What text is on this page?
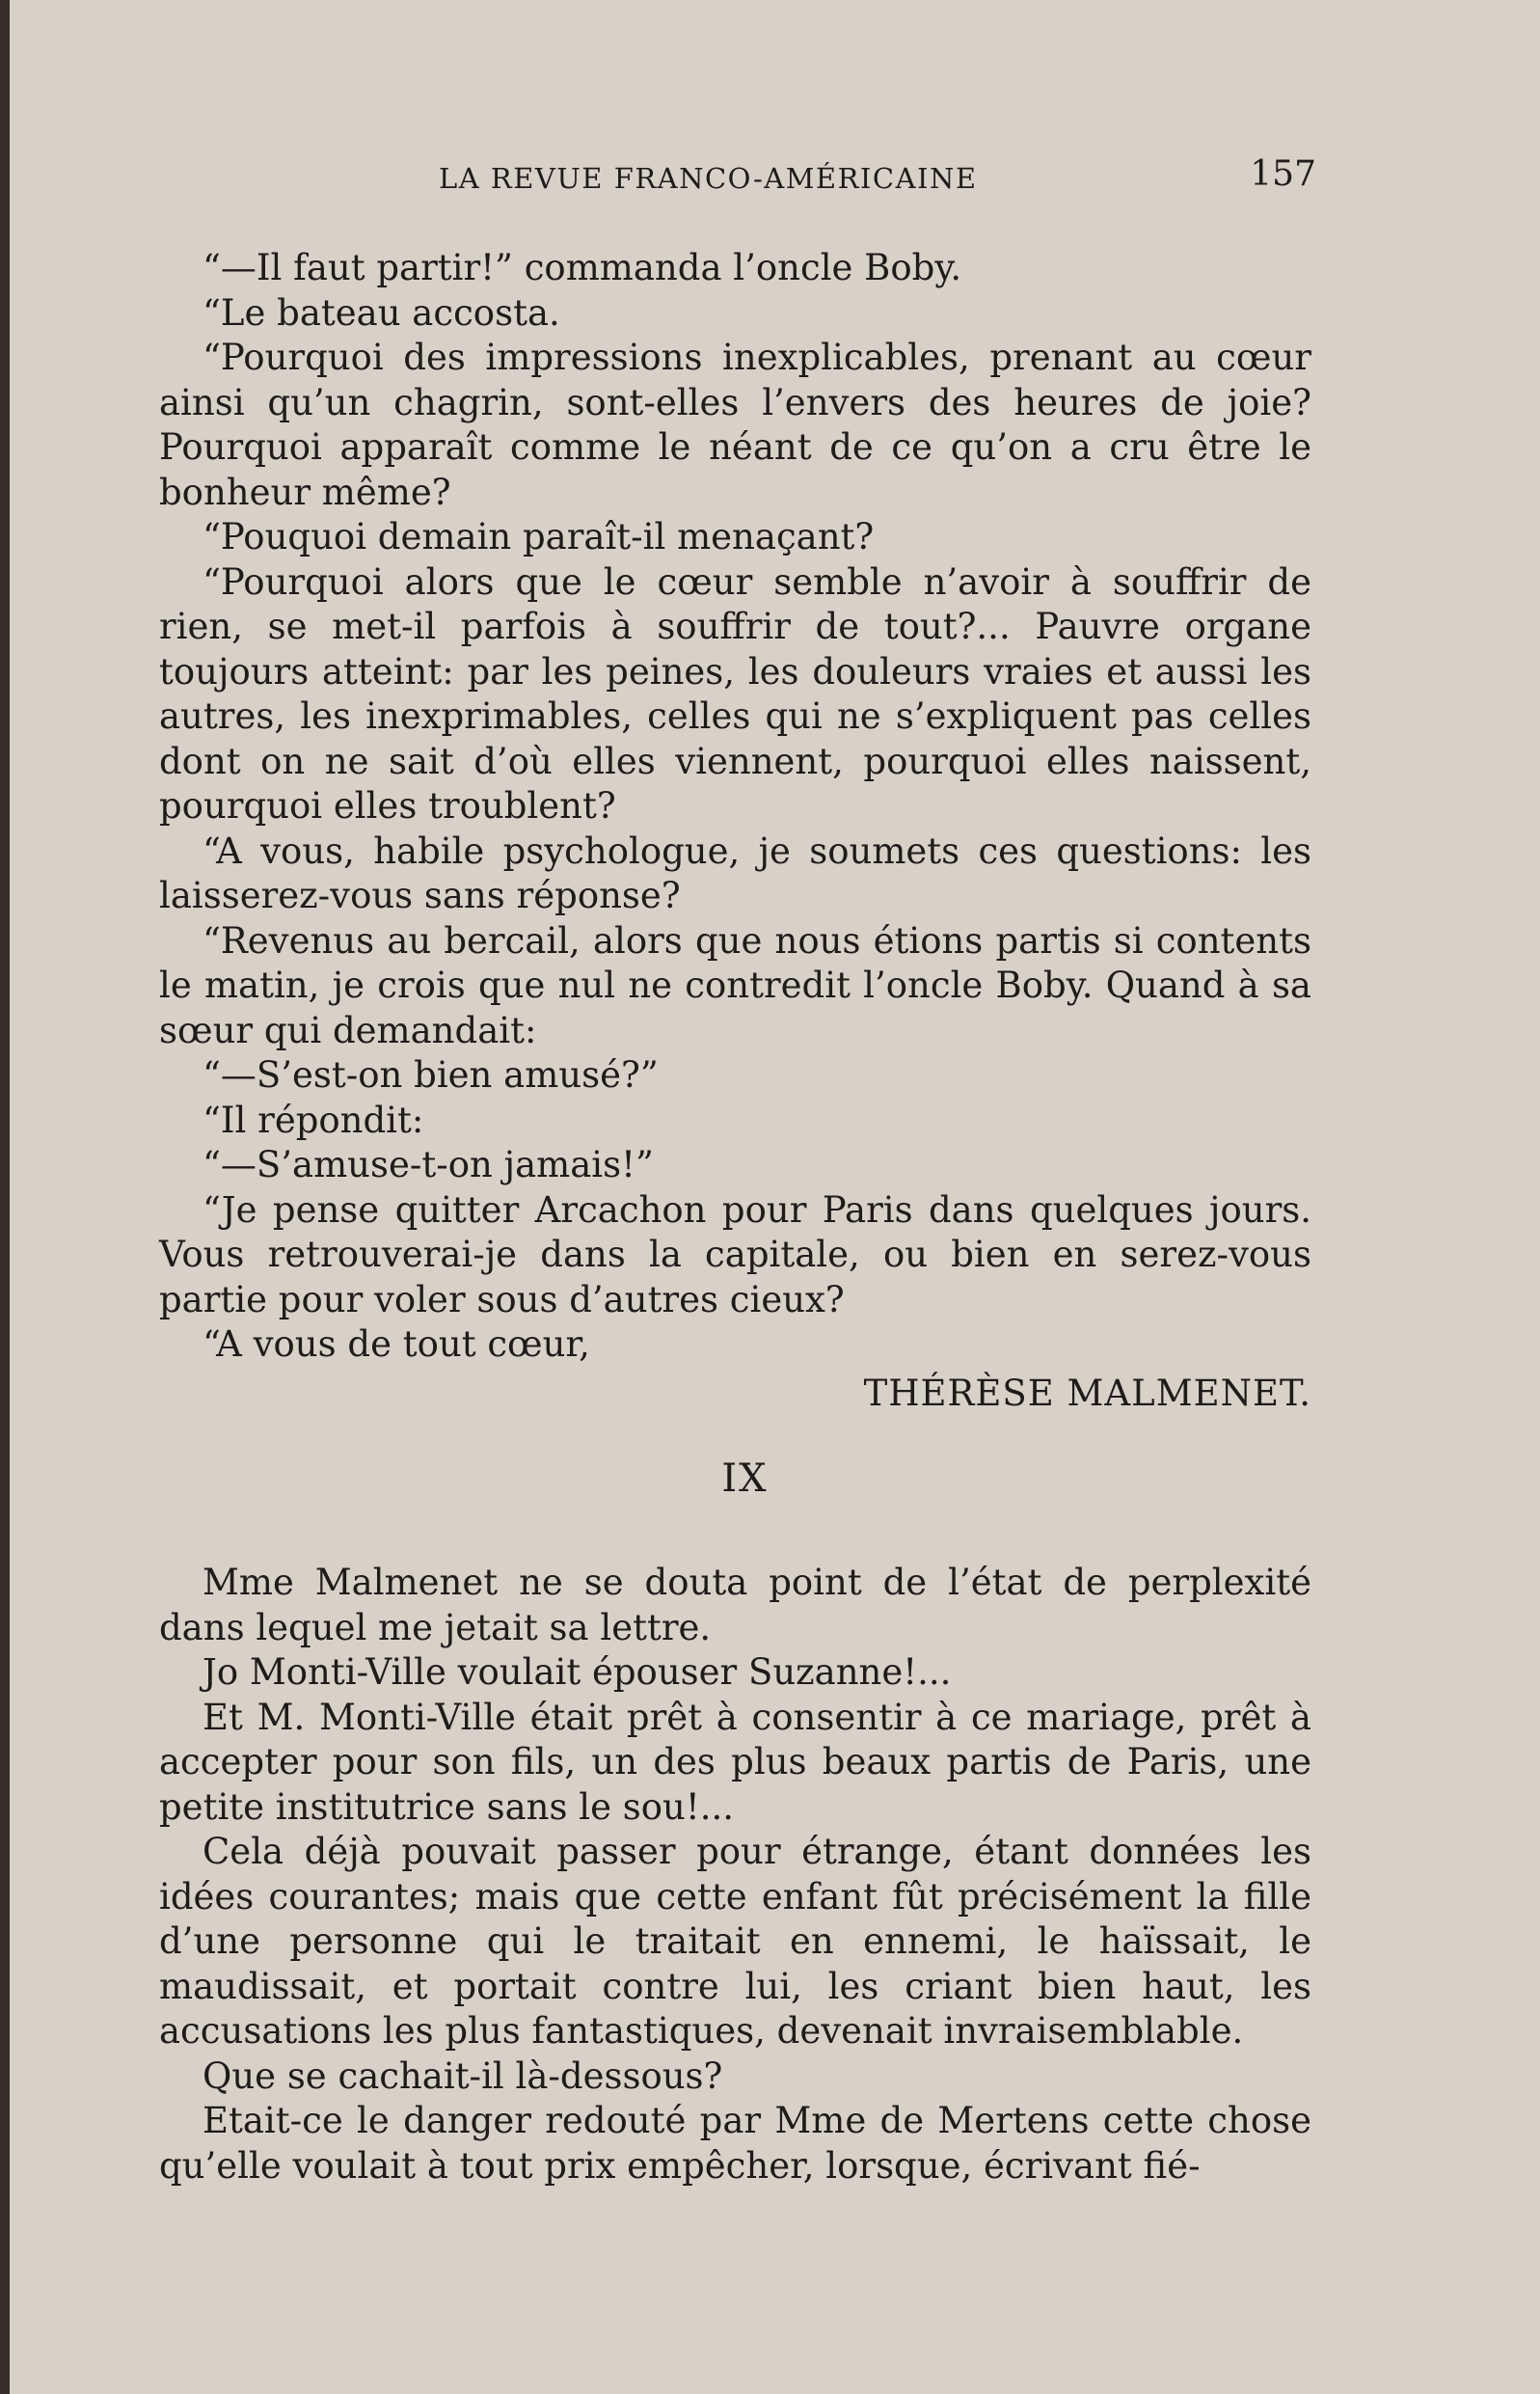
LA REVUE FRANCO-AMÉRICAINE	157

“—Il faut partir!” commanda l’oncle Boby.

“Le bateau accosta.

“Pourquoi des impressions inexplicables, prenant au cœur ainsi qu’un chagrin, sont-elles l’envers des heures de joie? Pourquoi apparaît comme le néant de ce qu’on a cru être le bonheur même?

“Pouquoi demain paraît-il menaçant?

“Pourquoi alors que le cœur semble n’avoir à souffrir de rien, se met-il parfois à souffrir de tout?... Pauvre organe toujours atteint: par les peines, les douleurs vraies et aussi les autres, les inexprimables, celles qui ne s’expliquent pas celles dont on ne sait d’où elles viennent, pourquoi elles naissent, pourquoi elles troublent?

“A vous, habile psychologue, je soumets ces questions: les laisserez-vous sans réponse?

“Revenus au bercail, alors que nous étions partis si contents le matin, je crois que nul ne contredit l’oncle Boby. Quand à sa sœur qui demandait:

“—S’est-on bien amusé?”

“Il répondit:

“—S’amuse-t-on jamais!”

“Je pense quitter Arcachon pour Paris dans quelques jours. Vous retrouverai-je dans la capitale, ou bien en serez-vous partie pour voler sous d’autres cieux?

“A vous de tout cœur,

THÉRÈSE MALMENET.

IX

Mme Malmenet ne se douta point de l’état de perplexité dans lequel me jetait sa lettre.

Jo Monti-Ville voulait épouser Suzanne!...

Et M. Monti-Ville était prêt à consentir à ce mariage, prêt à accepter pour son fils, un des plus beaux partis de Paris, une petite institutrice sans le sou!...

Cela déjà pouvait passer pour étrange, étant données les idées courantes; mais que cette enfant fût précisément la fille d’une personne qui le traitait en ennemi, le haïssait, le maudissait, et portait contre lui, les criant bien haut, les accusations les plus fantastiques, devenait invraisemblable.

Que se cachait-il là-dessous?

Etait-ce le danger redouté par Mme de Mertens cette chose qu’elle voulait à tout prix empêcher, lorsque, écrivant fié-
